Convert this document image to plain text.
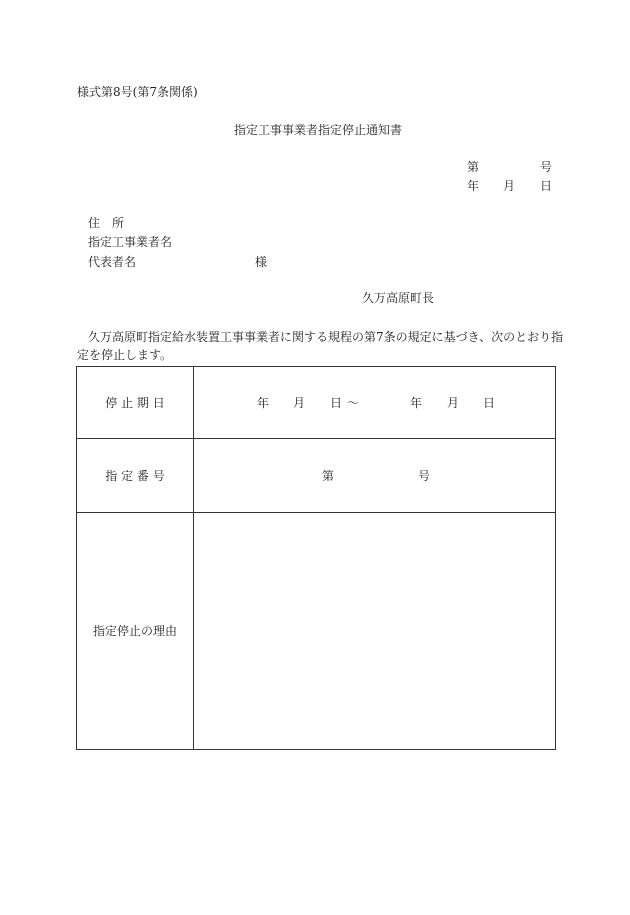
様式第8号(第7条関係)
指定工事事業者指定停止通知書
第	号
年 月 日
住　所
指定工事業者名
代表者名	様
久万高原町長
久万高原町指定給水装置工事事業者に関する規程の第7条の規定に基づき、次のとおり指
定を停止します。
停 止 期 日	年 月 日 ～	年 月 日
指 定 番 号	第	号
指定停止の理由
